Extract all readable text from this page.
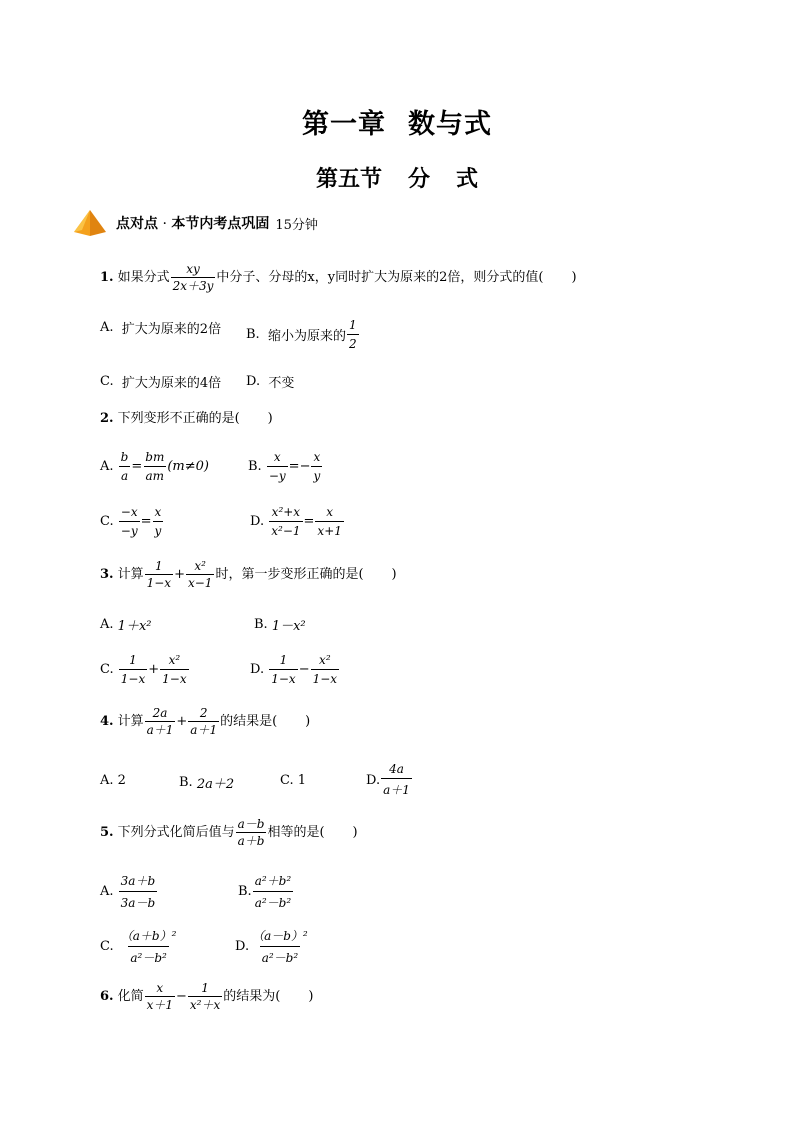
第一章 数与式
第五节 分 式
点对点 · 本节内考点巩固 15分钟
1. 如果分式 $\frac{xy}{2x+3y}$ 中分子、分母的x，y同时扩大为原来的2倍，则分式的值( )
A.
扩大为原来的2倍 B.
缩小为原来的 $\frac{1}{2}$
C.
扩大为原来的4倍 D.
不变
2. 下列变形不正确的是( )
A.
$\frac{b}{a} = \frac{bm}{am} (m\ne 0)$	B.
$\frac{x}{-y} =- \frac{x}{y}$
C.
$\frac{-x}{-y} = \frac{x}{y}$	D.
$\frac{\text{x²+x}}{\text{x²−1}} = \frac{x}{x+1}$
3. 计算 $\frac{1}{1-x} + \frac{\text{x²}}{x-1}$ 时，第一步变形正确的是( )
A.
1＋x²	B.
1－x²
C.
$\frac{1}{1-x} + \frac{\text{x²}}{1-x}$	D.
$\frac{1}{1-x} - \frac{\text{x²}}{1-x}$
4. 计算 $\frac{2a}{a+1} + \frac{2}{a+1}$ 的结果是( )
A.
2	B.
2a＋2	C.
1	D. $\frac{4a}{a+1}$
5. 下列分式化简后值与 $\frac{a-b}{a+b}$ 相等的是( )
A.
$\frac{3a+b}{3a-b}$	B. $\frac{\text{a²＋b²}}{\text{a²－b²}}$
C.
$\frac{\text{（a＋b）²}}{\text{a²－b²}}$	D. $\frac{\text{（a－b）²}}{\text{a²－b²}}$
6. 化简 $\frac{x}{x+1} - \frac{1}{\text{x²＋x}}$ 的结果为( )
